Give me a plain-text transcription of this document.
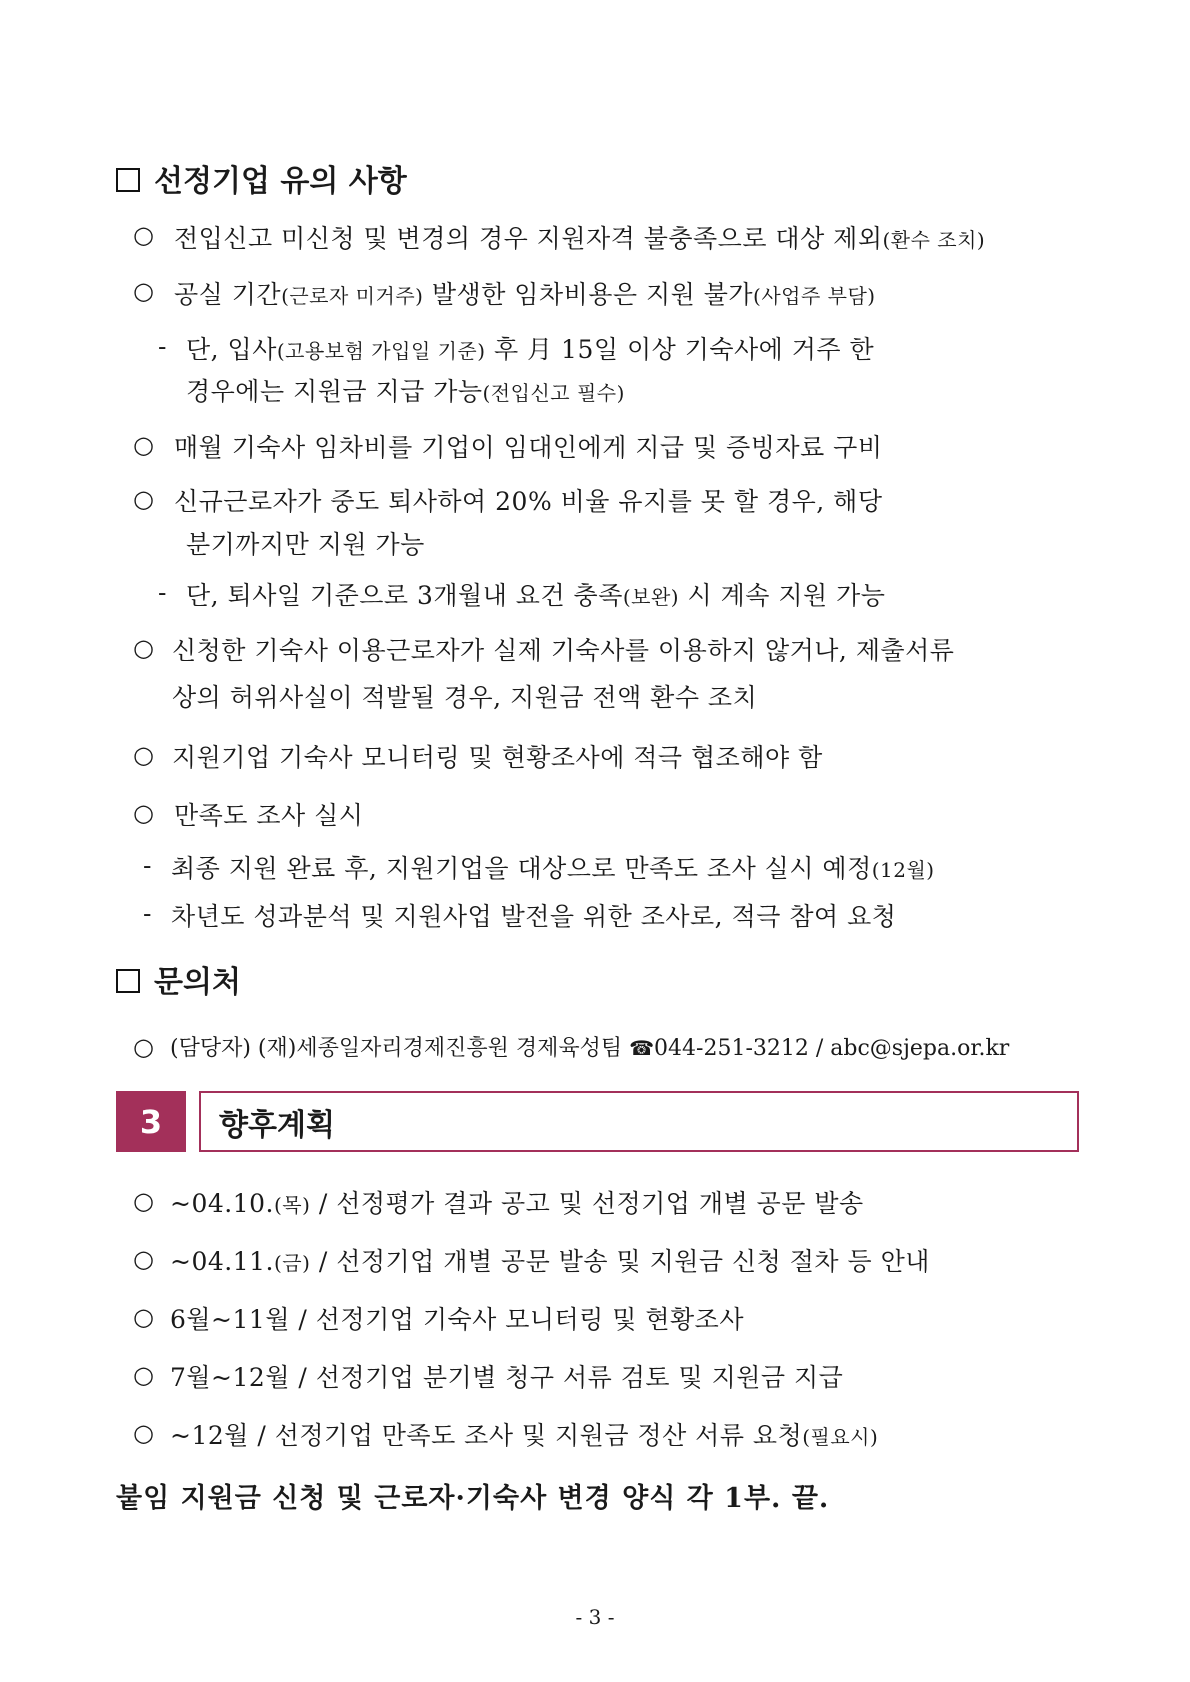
선정기업 유의 사항
○ 전입신고 미신청 및 변경의 경우 지원자격 불충족으로 대상 제외(환수 조치)
○ 공실 기간(근로자 미거주) 발생한 임차비용은 지원 불가(사업주 부담)
- 단, 입사(고용보험 가입일 기준) 후 月 15일 이상 기숙사에 거주 한
경우에는 지원금 지급 가능(전입신고 필수)
○ 매월 기숙사 임차비를 기업이 임대인에게 지급 및 증빙자료 구비
○ 신규근로자가 중도 퇴사하여 20% 비율 유지를 못 할 경우, 해당
분기까지만 지원 가능
- 단, 퇴사일 기준으로 3개월내 요건 충족(보완) 시 계속 지원 가능
○ 신청한 기숙사 이용근로자가 실제 기숙사를 이용하지 않거나, 제출서류
상의 허위사실이 적발될 경우, 지원금 전액 환수 조치
○ 지원기업 기숙사 모니터링 및 현황조사에 적극 협조해야 함
○ 만족도 조사 실시
- 최종 지원 완료 후, 지원기업을 대상으로 만족도 조사 실시 예정(12월)
- 차년도 성과분석 및 지원사업 발전을 위한 조사로, 적극 참여 요청
문의처
○ (담당자) (재)세종일자리경제진흥원 경제육성팀 ☎044-251-3212 / abc@sjepa.or.kr
3	향후계획
○ ~04.10.(목) / 선정평가 결과 공고 및 선정기업 개별 공문 발송
○ ~04.11.(금) / 선정기업 개별 공문 발송 및 지원금 신청 절차 등 안내
○ 6월~11월 / 선정기업 기숙사 모니터링 및 현황조사
○ 7월~12월 / 선정기업 분기별 청구 서류 검토 및 지원금 지급
○ ~12월 / 선정기업 만족도 조사 및 지원금 정산 서류 요청(필요시)
붙임 지원금 신청 및 근로자·기숙사 변경 양식 각 1부. 끝.
- 3 -
